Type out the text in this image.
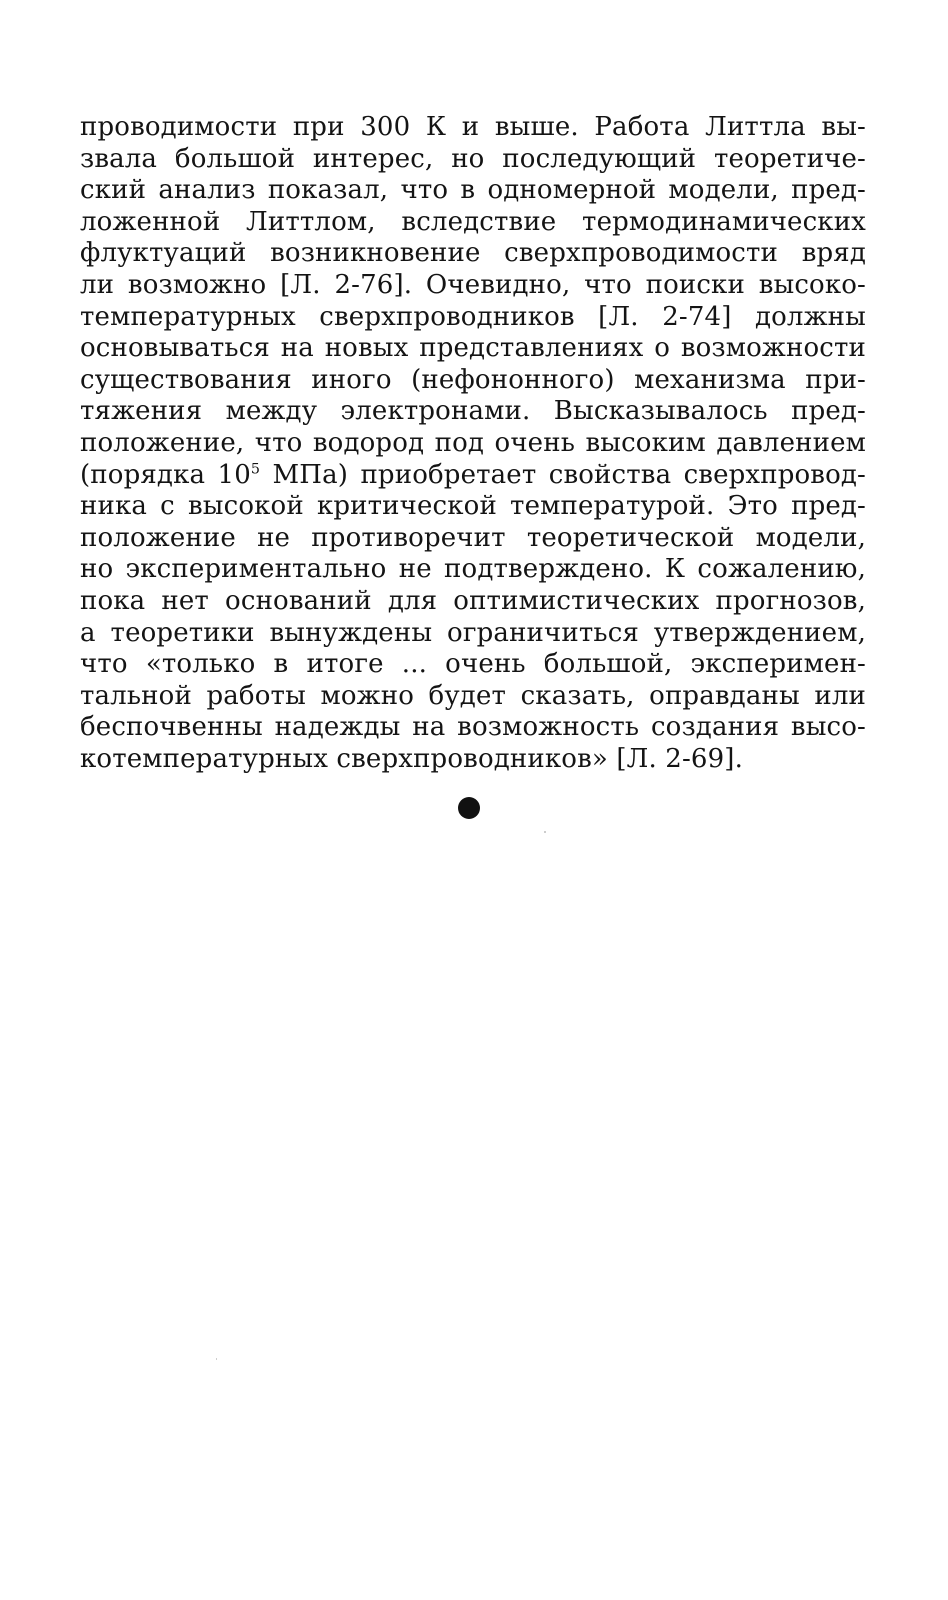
проводимости при 300 К и выше. Работа Литтла вы-
звала большой интерес, но последующий теоретиче-
ский анализ показал, что в одномерной модели, пред-
ложенной Литтлом, вследствие термодинамических
флуктуаций возникновение сверхпроводимости вряд
ли возможно [Л. 2-76]. Очевидно, что поиски высоко-
температурных сверхпроводников [Л. 2-74] должны
основываться на новых представлениях о возможности
существования иного (нефононного) механизма при-
тяжения между электронами. Высказывалось пред-
положение, что водород под очень высоким давлением
(порядка $10^5$ МПа) приобретает свойства сверхпровод-
ника с высокой критической температурой. Это пред-
положение не противоречит теоретической модели,
но экспериментально не подтверждено. К сожалению,
пока нет оснований для оптимистических прогнозов,
а теоретики вынуждены ограничиться утверждением,
что «только в итоге ... очень большой, эксперимен-
тальной работы можно будет сказать, оправданы или
беспочвенны надежды на возможность создания высо-
котемпературных сверхпроводников» [Л. 2-69].
